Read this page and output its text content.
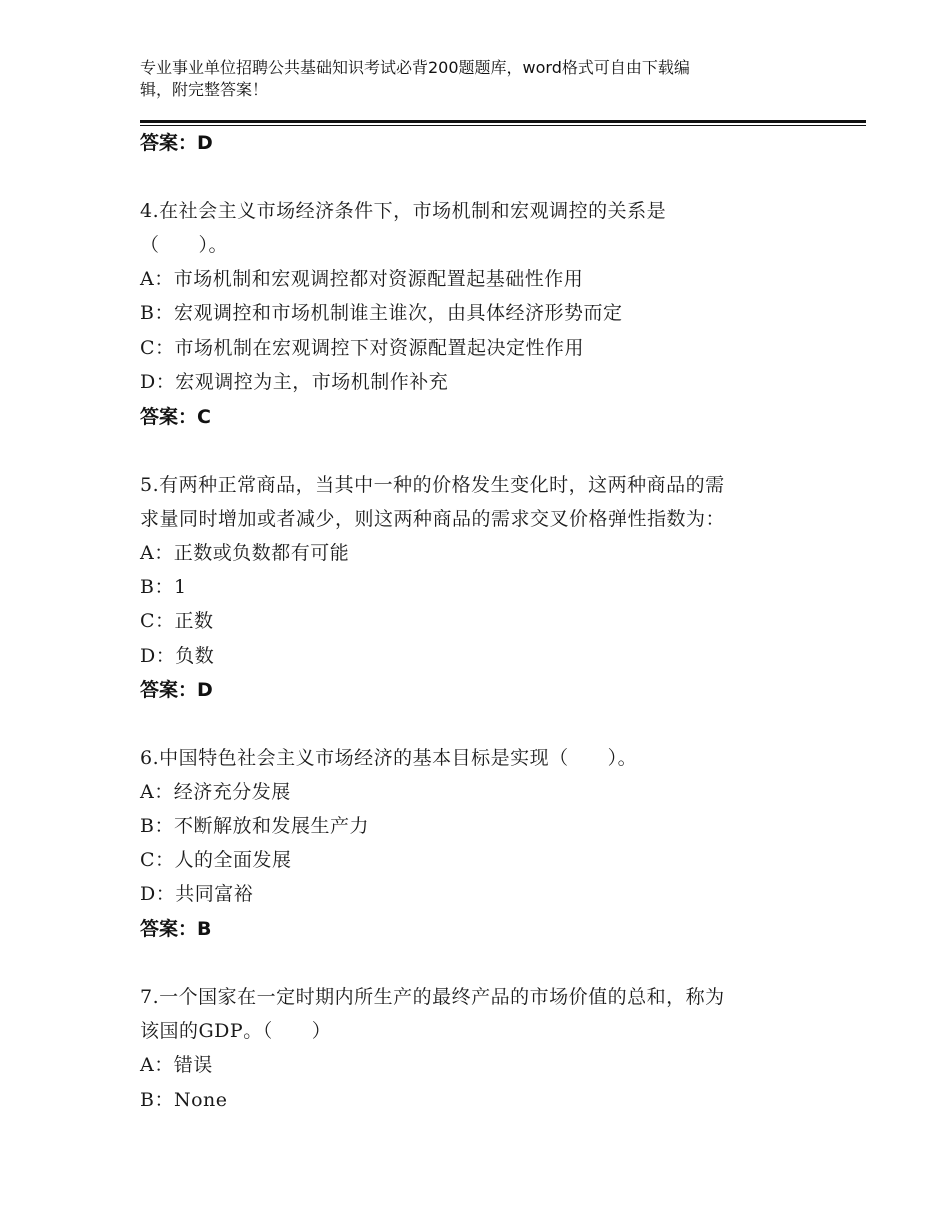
专业事业单位招聘公共基础知识考试必背200题题库，word格式可自由下载编
辑，附完整答案！
答案：D
4.在社会主义市场经济条件下，市场机制和宏观调控的关系是
（　　）。
A：市场机制和宏观调控都对资源配置起基础性作用
B：宏观调控和市场机制谁主谁次，由具体经济形势而定
C：市场机制在宏观调控下对资源配置起决定性作用
D：宏观调控为主，市场机制作补充
答案：C
5.有两种正常商品，当其中一种的价格发生变化时，这两种商品的需
求量同时增加或者减少，则这两种商品的需求交叉价格弹性指数为：
A：正数或负数都有可能
B：1
C：正数
D：负数
答案：D
6.中国特色社会主义市场经济的基本目标是实现（　　）。
A：经济充分发展
B：不断解放和发展生产力
C：人的全面发展
D：共同富裕
答案：B
7.一个国家在一定时期内所生产的最终产品的市场价值的总和，称为
该国的GDP。（　　）
A：错误
B：None
